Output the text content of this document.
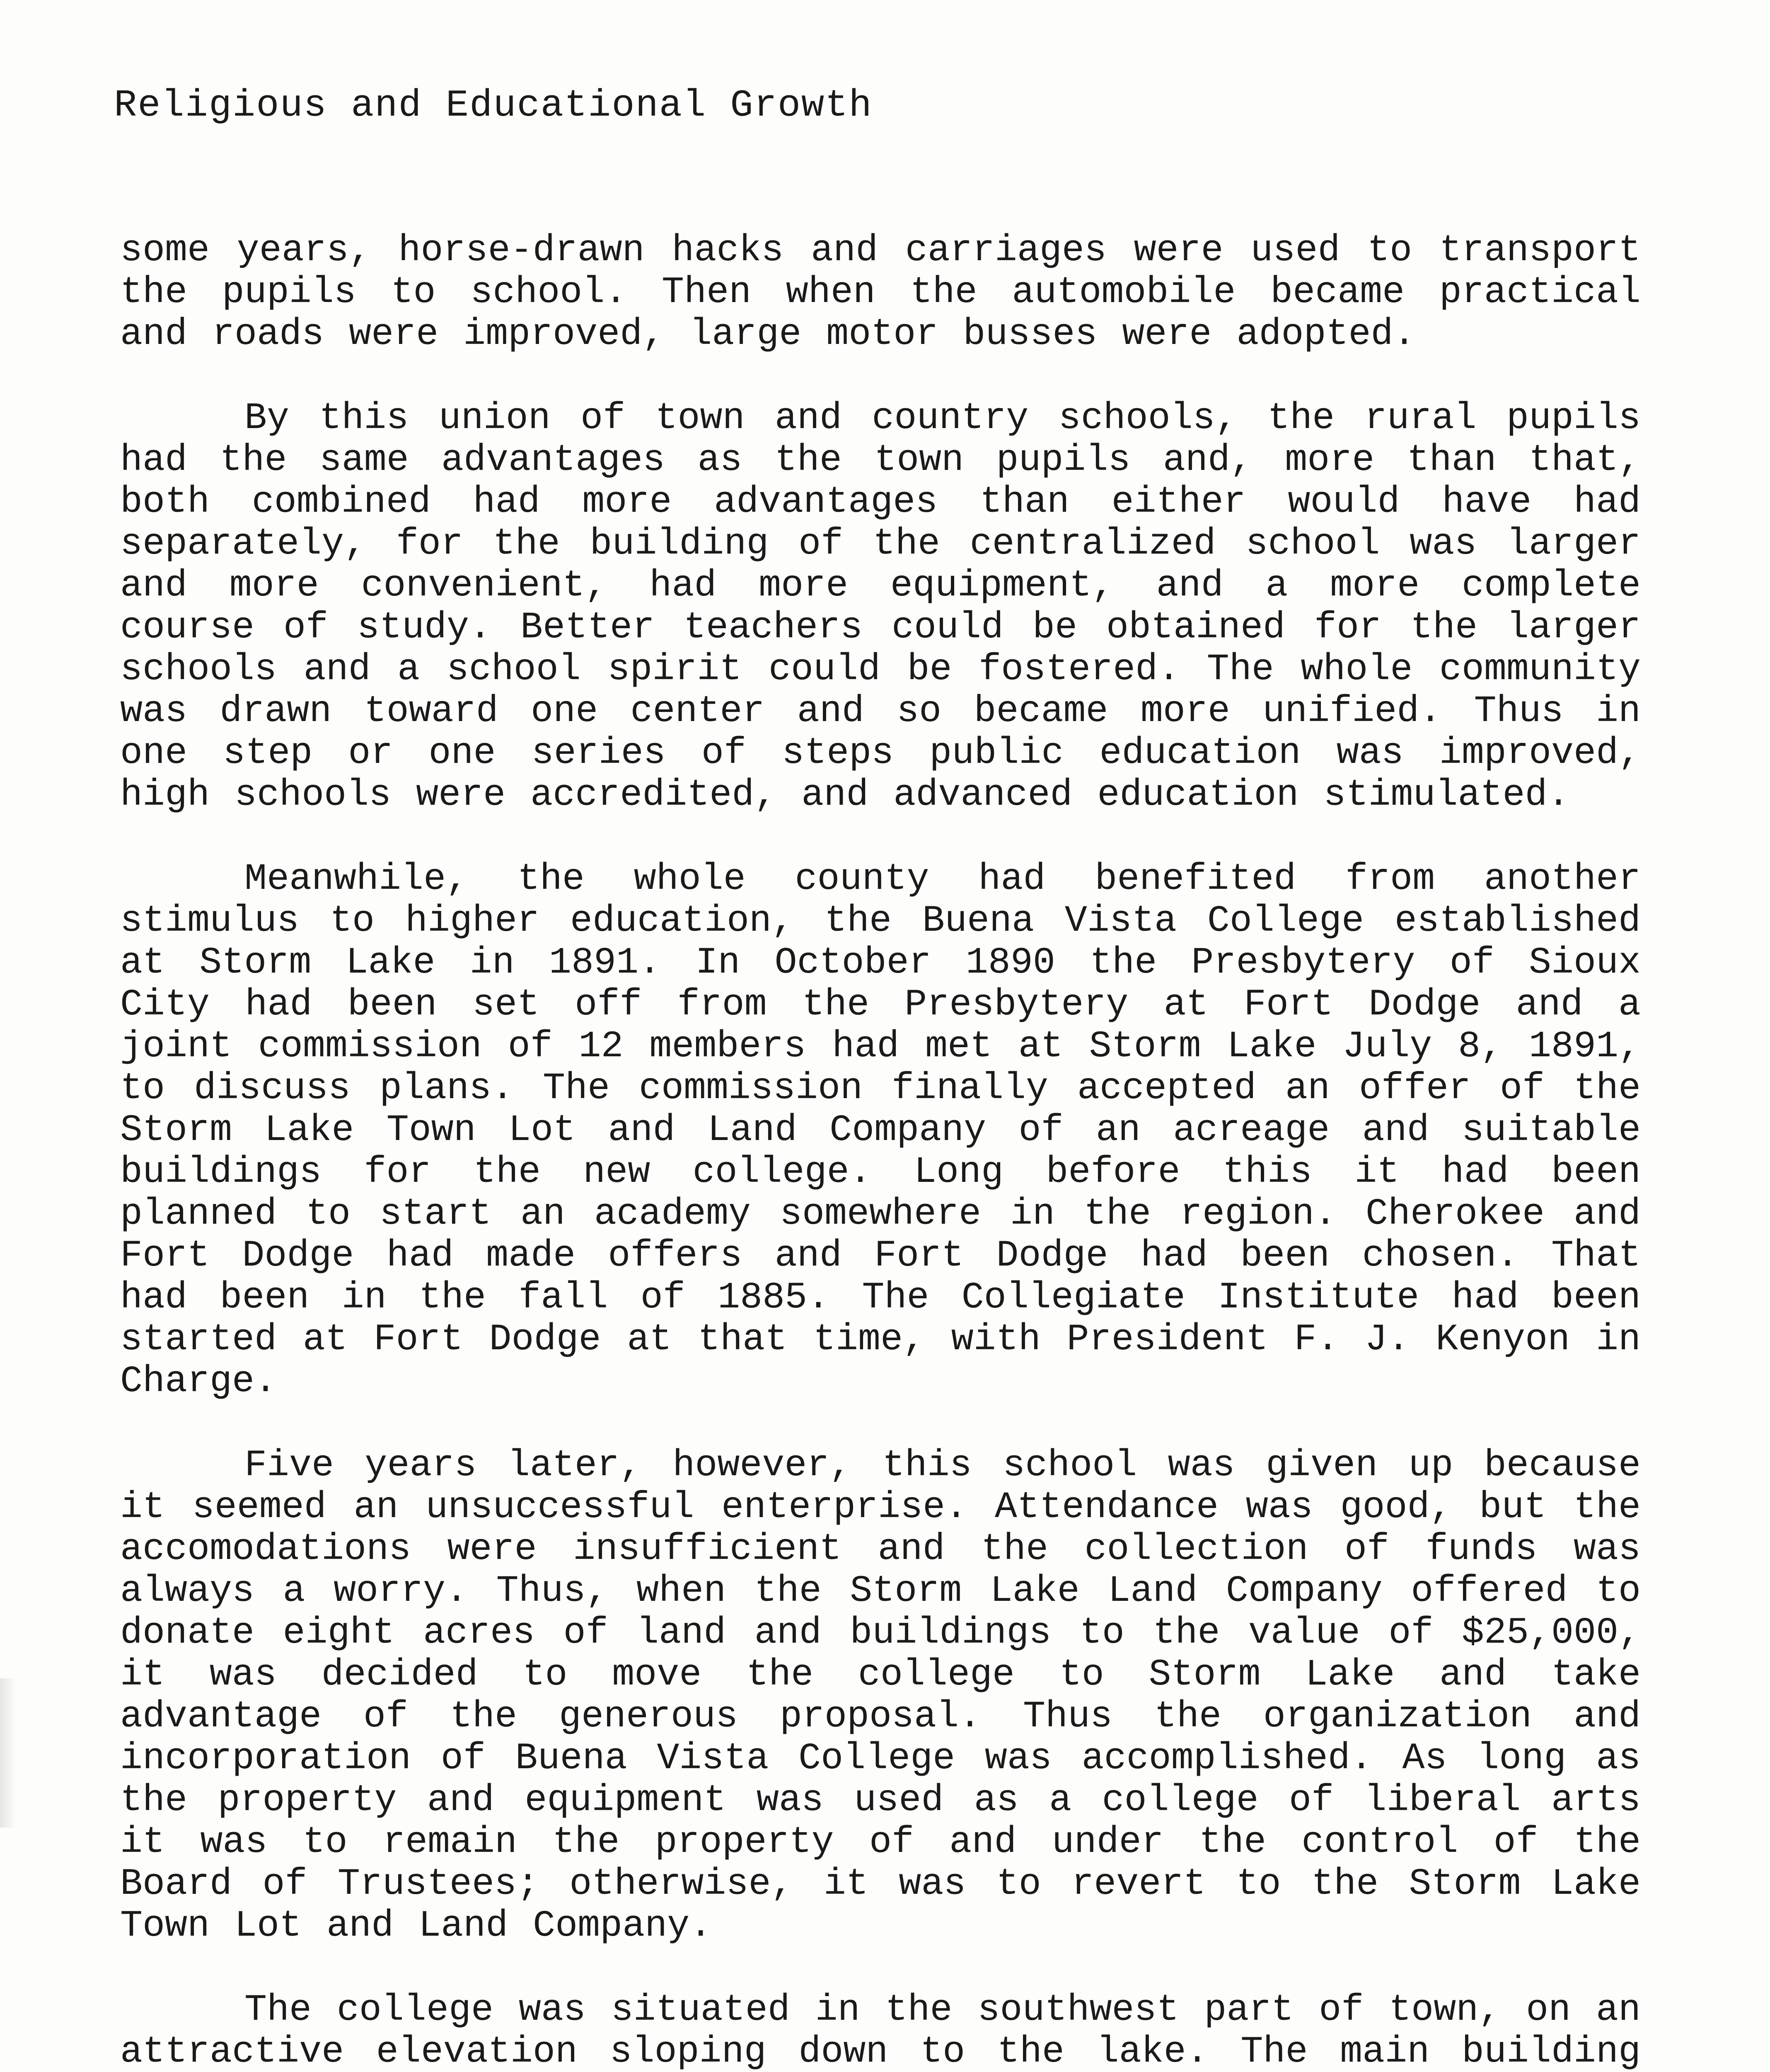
Religious and Educational Growth

some years, horse-drawn hacks and carriages were used to transport the pupils to school. Then when the automobile became practical and roads were improved, large motor busses were adopted.

By this union of town and country schools, the rural pupils had the same advantages as the town pupils and, more than that, both combined had more advantages than either would have had separately, for the building of the centralized school was larger and more convenient, had more equipment, and a more complete course of study. Better teachers could be obtained for the larger schools and a school spirit could be fostered. The whole community was drawn toward one center and so became more unified. Thus in one step or one series of steps public education was improved, high schools were accredited, and advanced education stimulated.

Meanwhile, the whole county had benefited from another stimulus to higher education, the Buena Vista College established at Storm Lake in 1891. In October 1890 the Presbytery of Sioux City had been set off from the Presbytery at Fort Dodge and a joint commission of 12 members had met at Storm Lake July 8, 1891, to discuss plans. The commission finally accepted an offer of the Storm Lake Town Lot and Land Company of an acreage and suitable buildings for the new college. Long before this it had been planned to start an academy somewhere in the region. Cherokee and Fort Dodge had made offers and Fort Dodge had been chosen. That had been in the fall of 1885. The Collegiate Institute had been started at Fort Dodge at that time, with President F. J. Kenyon in Charge.

Five years later, however, this school was given up because it seemed an unsuccessful enterprise. Attendance was good, but the accomodations were insufficient and the collection of funds was always a worry. Thus, when the Storm Lake Land Company offered to donate eight acres of land and buildings to the value of $25,000, it was decided to move the college to Storm Lake and take advantage of the generous proposal. Thus the organization and incorporation of Buena Vista College was accomplished. As long as the property and equipment was used as a college of liberal arts it was to remain the property of and under the control of the Board of Trustees; otherwise, it was to revert to the Storm Lake Town Lot and Land Company.

The college was situated in the southwest part of town, on an attractive elevation sloping down to the lake. The main building
